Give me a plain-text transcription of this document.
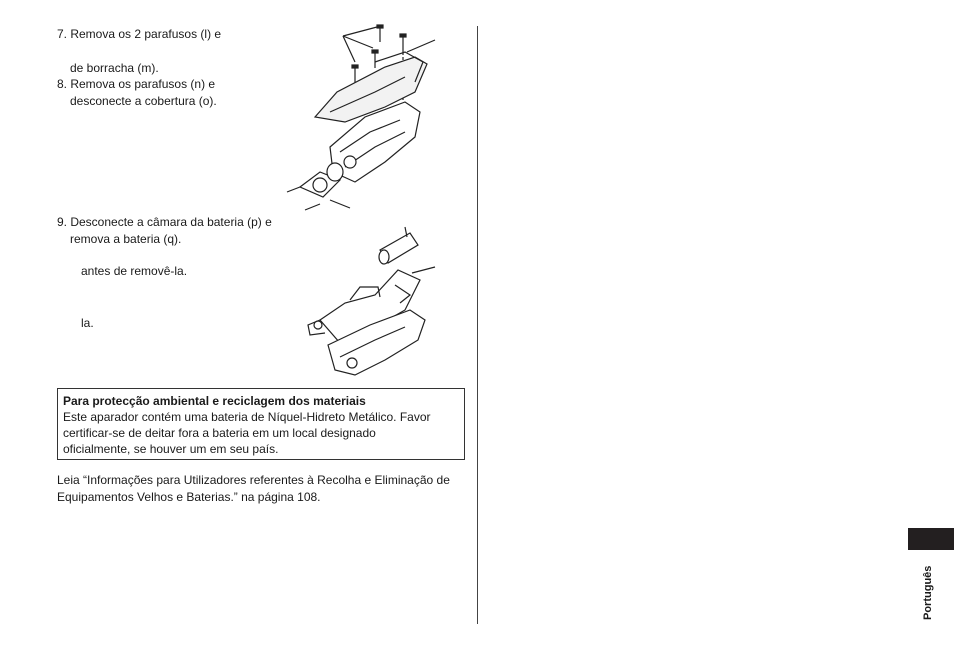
7. Remova os 2 parafusos (l) e
de borracha (m).
8. Remova os parafusos (n) e
desconecte a cobertura (o).
9. Desconecte a câmara da bateria (p) e
remova a bateria (q).
antes de removê-la.
la.
Para protecção ambiental e reciclagem dos materiais
Este aparador contém uma bateria de Níquel-Hidreto Metálico. Favor
certificar-se de deitar fora a bateria em um local designado
oficialmente, se houver um em seu país.
Leia “Informações para Utilizadores referentes à Recolha e Eliminação de
Equipamentos Velhos e Baterias.” na página 108.
Português
